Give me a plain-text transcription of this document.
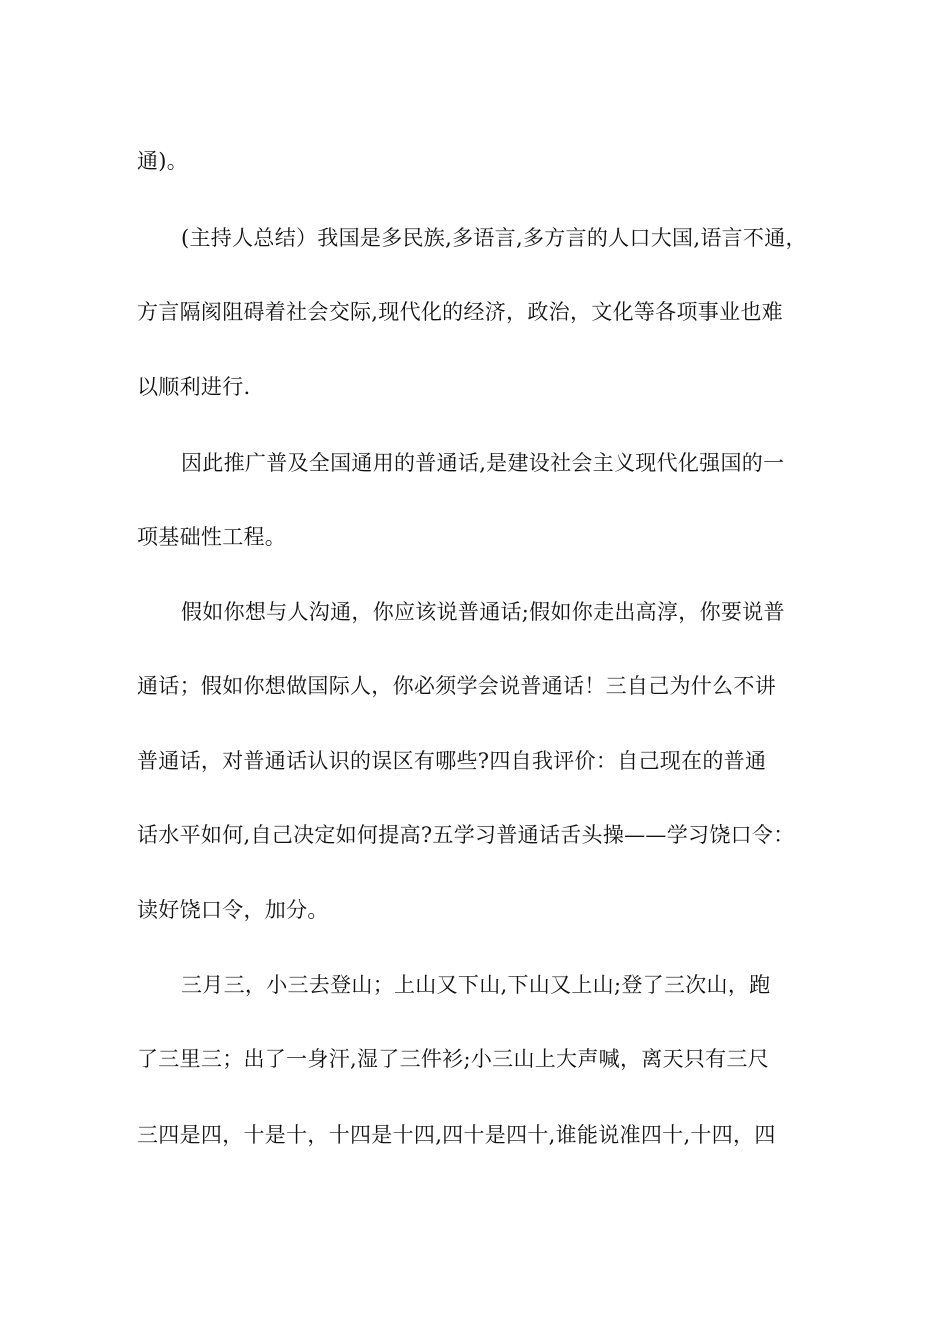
通)。
(主持人总结）我国是多民族,多语言,多方言的人口大国,语言不通，
方言隔阂阻碍着社会交际,现代化的经济，政治，文化等各项事业也难
以顺利进行.
因此推广普及全国通用的普通话,是建设社会主义现代化强国的一
项基础性工程。
假如你想与人沟通，你应该说普通话;假如你走出高淳，你要说普
通话；假如你想做国际人，你必须学会说普通话！三自己为什么不讲
普通话，对普通话认识的误区有哪些?四自我评价：自己现在的普通
话水平如何,自己决定如何提高?五学习普通话舌头操——学习饶口令：
读好饶口令，加分。
三月三，小三去登山；上山又下山,下山又上山;登了三次山，跑
了三里三；出了一身汗,湿了三件衫;小三山上大声喊，离天只有三尺
三四是四，十是十，十四是十四,四十是四十,谁能说准四十,十四，四
